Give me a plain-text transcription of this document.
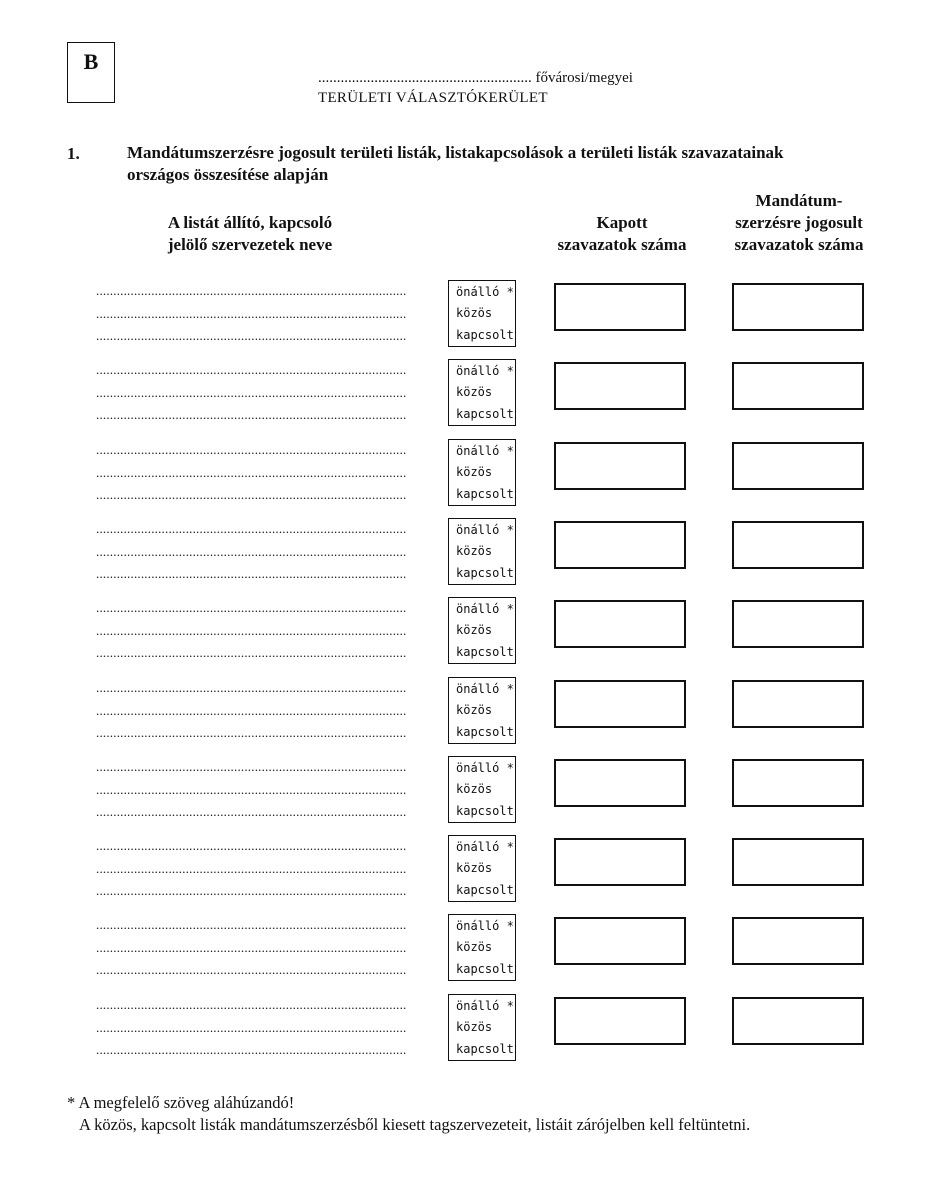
B
......................................................... fővárosi/megyei
TERÜLETI VÁLASZTÓKERÜLET
1.	Mandátumszerzésre jogosult területi listák, listakapcsolások a területi listák szavazatainak országos összesítése alapján
A listát állító, kapcsoló
jelölő szervezetek neve
Kapott
szavazatok száma
Mandátum-
szerzésre jogosult
szavazatok száma
.....
.....
.....
önálló *
közös
kapcsolt
.....
.....
.....
önálló *
közös
kapcsolt
.....
.....
.....
önálló *
közös
kapcsolt
.....
.....
.....
önálló *
közös
kapcsolt
.....
.....
.....
önálló *
közös
kapcsolt
.....
.....
.....
önálló *
közös
kapcsolt
.....
.....
.....
önálló *
közös
kapcsolt
.....
.....
.....
önálló *
közös
kapcsolt
.....
.....
.....
önálló *
közös
kapcsolt
.....
.....
.....
önálló *
közös
kapcsolt
* A megfelelő szöveg aláhúzandó!
A közös, kapcsolt listák mandátumszerzésből kiesett tagszervezeteit, listáit zárójelben kell feltüntetni.
